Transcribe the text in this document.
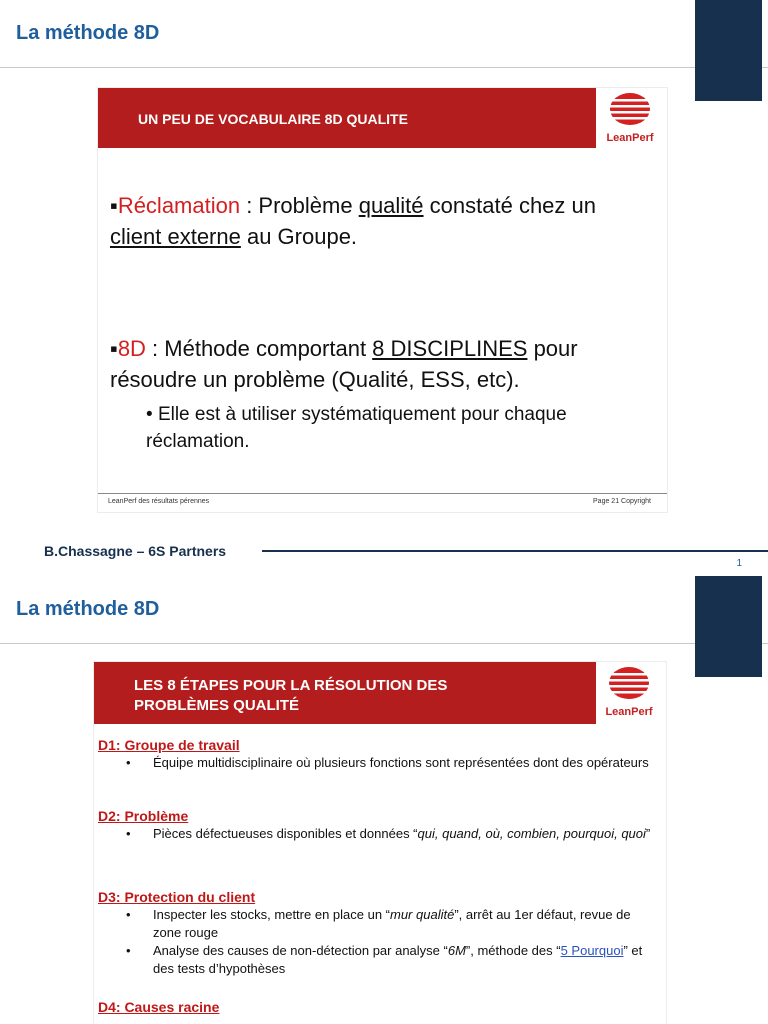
La méthode 8D
UN PEU DE VOCABULAIRE 8D QUALITE
LeanPerf
▪Réclamation : Problème qualité constaté chez un client externe au Groupe.
▪8D : Méthode comportant 8 DISCIPLINES pour résoudre un problème (Qualité, ESS, etc).
• Elle est à utiliser systématiquement pour chaque réclamation.
LeanPerf des résultats pérennes	Page 21 Copyright
B.Chassagne – 6S Partners
1
La méthode 8D
LES 8 ÉTAPES POUR LA RÉSOLUTION DES
PROBLÈMES QUALITÉ	LeanPerf
D1: Groupe de travail
• Équipe multidisciplinaire où plusieurs fonctions sont représentées dont des opérateurs
D2: Problème
• Pièces défectueuses disponibles et données “qui, quand, où, combien, pourquoi, quoi”
D3: Protection du client
• Inspecter les stocks, mettre en place un “mur qualité”, arrêt au 1er défaut, revue de zone rouge
• Analyse des causes de non-détection par analyse “6M”, méthode des “5 Pourquoi” et des tests d’hypothèses
D4: Causes racine
